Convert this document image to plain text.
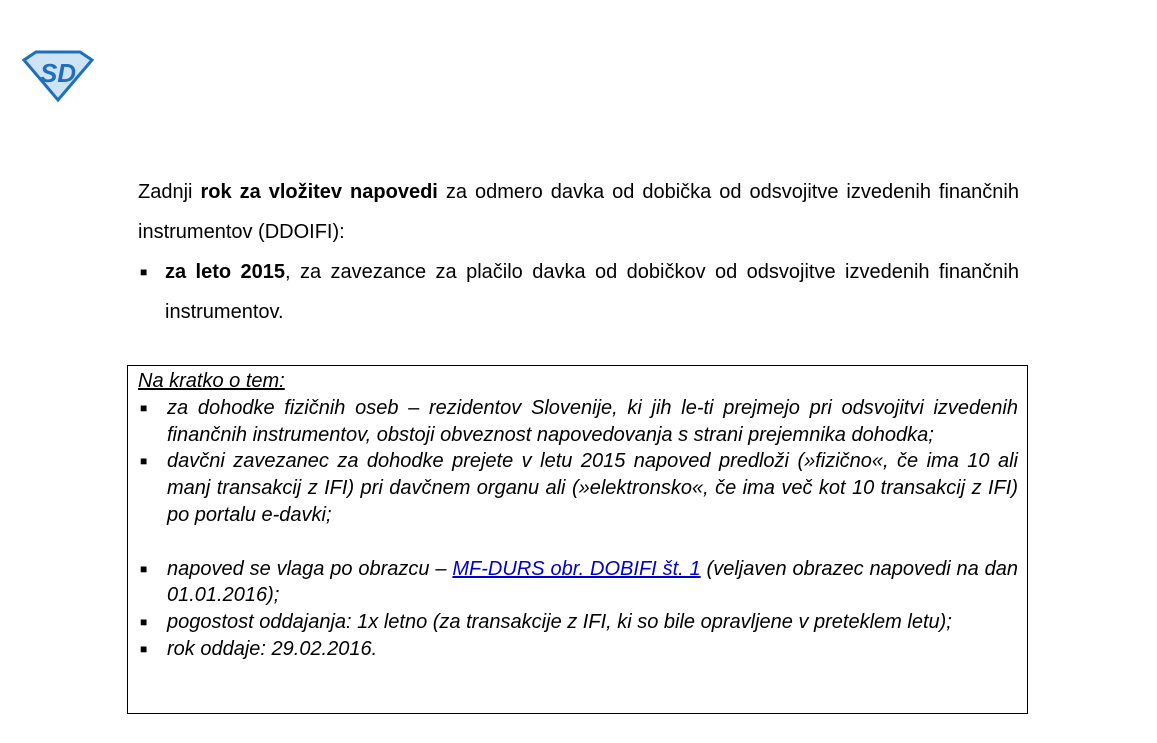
SD

Zadnji rok za vložitev napovedi za odmero davka od dobička od odsvojitve izvedenih finančnih instrumentov (DDOIFI):

■ za leto 2015, za zavezance za plačilo davka od dobičkov od odsvojitve izvedenih finančnih instrumentov.
Na kratko o tem:
■ za dohodke fizičnih oseb – rezidentov Slovenije, ki jih le-ti prejmejo pri odsvojitvi izvedenih finančnih instrumentov, obstoji obveznost napovedovanja s strani prejemnika dohodka;
■ davčni zavezanec za dohodke prejete v letu 2015 napoved predloži (»fizično«, če ima 10 ali manj transakcij z IFI) pri davčnem organu ali (»elektronsko«, če ima več kot 10 transakcij z IFI) po portalu e-davki;
■ napoved se vlaga po obrazcu – MF-DURS obr. DOBIFI št. 1 (veljaven obrazec napovedi na dan 01.01.2016);
■ pogostost oddajanja: 1x letno (za transakcije z IFI, ki so bile opravljene v preteklem letu);
■ rok oddaje: 29.02.2016.
